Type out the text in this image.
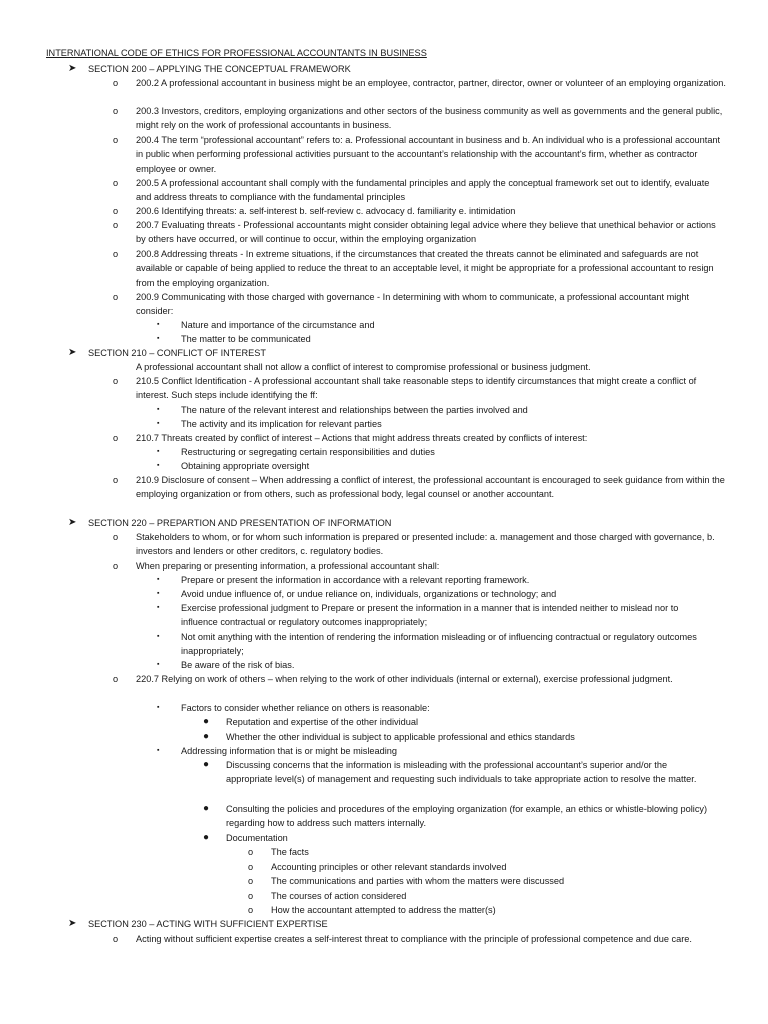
INTERNATIONAL CODE OF ETHICS FOR PROFESSIONAL ACCOUNTANTS IN BUSINESS
➤ SECTION 200 – APPLYING THE CONCEPTUAL FRAMEWORK
o 200.2 A professional accountant in business might be an employee, contractor, partner, director, owner or volunteer of an employing organization.
o 200.3 Investors, creditors, employing organizations and other sectors of the business community as well as governments and the general public, might rely on the work of professional accountants in business.
o 200.4 The term “professional accountant” refers to: a. Professional accountant in business and b. An individual who is a professional accountant in public when performing professional activities pursuant to the accountant’s relationship with the accountant’s firm, whether as contractor employee or owner.
o 200.5 A professional accountant shall comply with the fundamental principles and apply the conceptual framework set out to identify, evaluate and address threats to compliance with the fundamental principles
o 200.6 Identifying threats: a. self-interest b. self-review c. advocacy d. familiarity e. intimidation
o 200.7 Evaluating threats - Professional accountants might consider obtaining legal advice where they believe that unethical behavior or actions by others have occurred, or will continue to occur, within the employing organization
o 200.8 Addressing threats - In extreme situations, if the circumstances that created the threats cannot be eliminated and safeguards are not available or capable of being applied to reduce the threat to an acceptable level, it might be appropriate for a professional accountant to resign from the employing organization.
o 200.9 Communicating with those charged with governance - In determining with whom to communicate, a professional accountant might consider:
▪ Nature and importance of the circumstance and
▪ The matter to be communicated
➤ SECTION 210 – CONFLICT OF INTEREST
A professional accountant shall not allow a conflict of interest to compromise professional or business judgment.
o 210.5 Conflict Identification - A professional accountant shall take reasonable steps to identify circumstances that might create a conflict of interest. Such steps include identifying the ff:
▪ The nature of the relevant interest and relationships between the parties involved and
▪ The activity and its implication for relevant parties
o 210.7 Threats created by conflict of interest – Actions that might address threats created by conflicts of interest:
▪ Restructuring or segregating certain responsibilities and duties
▪ Obtaining appropriate oversight
o 210.9 Disclosure of consent – When addressing a conflict of interest, the professional accountant is encouraged to seek guidance from within the employing organization or from others, such as professional body, legal counsel or another accountant.
➤ SECTION 220 – PREPARTION AND PRESENTATION OF INFORMATION
o Stakeholders to whom, or for whom such information is prepared or presented include: a. management and those charged with governance, b. investors and lenders or other creditors, c. regulatory bodies.
o When preparing or presenting information, a professional accountant shall:
▪ Prepare or present the information in accordance with a relevant reporting framework.
▪ Avoid undue influence of, or undue reliance on, individuals, organizations or technology; and
▪ Exercise professional judgment to Prepare or present the information in a manner that is intended neither to mislead nor to influence contractual or regulatory outcomes inappropriately;
▪ Not omit anything with the intention of rendering the information misleading or of influencing contractual or regulatory outcomes inappropriately;
▪ Be aware of the risk of bias.
o 220.7 Relying on work of others – when relying to the work of other individuals (internal or external), exercise professional judgment.
▪ Factors to consider whether reliance on others is reasonable:
● Reputation and expertise of the other individual
● Whether the other individual is subject to applicable professional and ethics standards
▪ Addressing information that is or might be misleading
● Discussing concerns that the information is misleading with the professional accountant’s superior and/or the appropriate level(s) of management and requesting such individuals to take appropriate action to resolve the matter.
● Consulting the policies and procedures of the employing organization (for example, an ethics or whistle-blowing policy) regarding how to address such matters internally.
● Documentation
o The facts
o Accounting principles or other relevant standards involved
o The communications and parties with whom the matters were discussed
o The courses of action considered
o How the accountant attempted to address the matter(s)
➤ SECTION 230 – ACTING WITH SUFFICIENT EXPERTISE
o Acting without sufficient expertise creates a self-interest threat to compliance with the principle of professional competence and due care.
